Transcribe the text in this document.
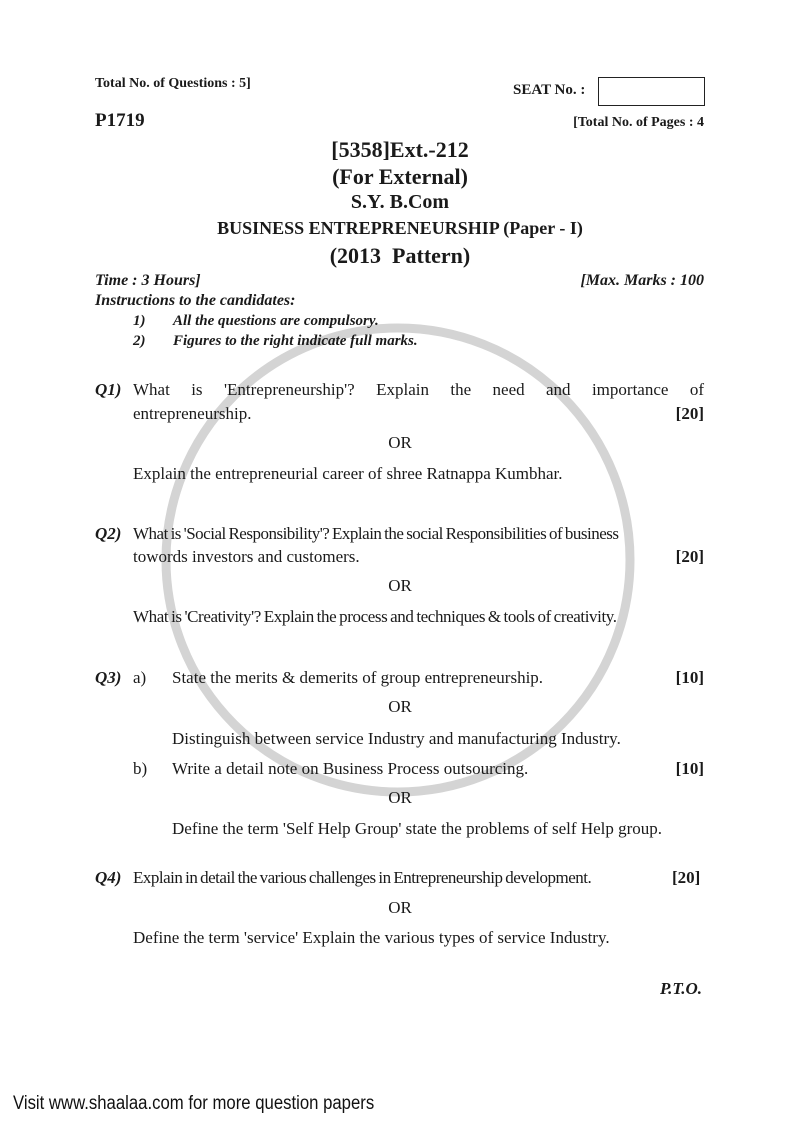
Total No. of Questions : 5]	SEAT No. :
P1719	[Total No. of Pages : 4
[5358]Ext.-212
(For External)
S.Y. B.Com
BUSINESS ENTREPRENEURSHIP (Paper - I)
(2013  Pattern)
Time : 3 Hours]	[Max. Marks : 100
Instructions to the candidates:
1) All the questions are compulsory.
2) Figures to the right indicate full marks.
Q1) What is 'Entrepreneurship'? Explain the need and importance of
entrepreneurship.	[20]
OR
Explain the entrepreneurial career of shree Ratnappa Kumbhar.
Q2) What is 'Social Responsibility'? Explain the social Responsibilities of business
towords investors and customers.	[20]
OR
What is 'Creativity'? Explain the process and techniques & tools of creativity.
Q3) a) State the merits & demerits of group entrepreneurship.	[10]
OR
Distinguish between service Industry and manufacturing Industry.
b) Write a detail note on Business Process outsourcing.	[10]
OR
Define the term 'Self Help Group' state the problems of self Help group.
Q4) Explain in detail the various challenges in Entrepreneurship development.	[20]
OR
Define the term 'service' Explain the various types of service Industry.
P.T.O.
Visit www.shaalaa.com for more question papers
